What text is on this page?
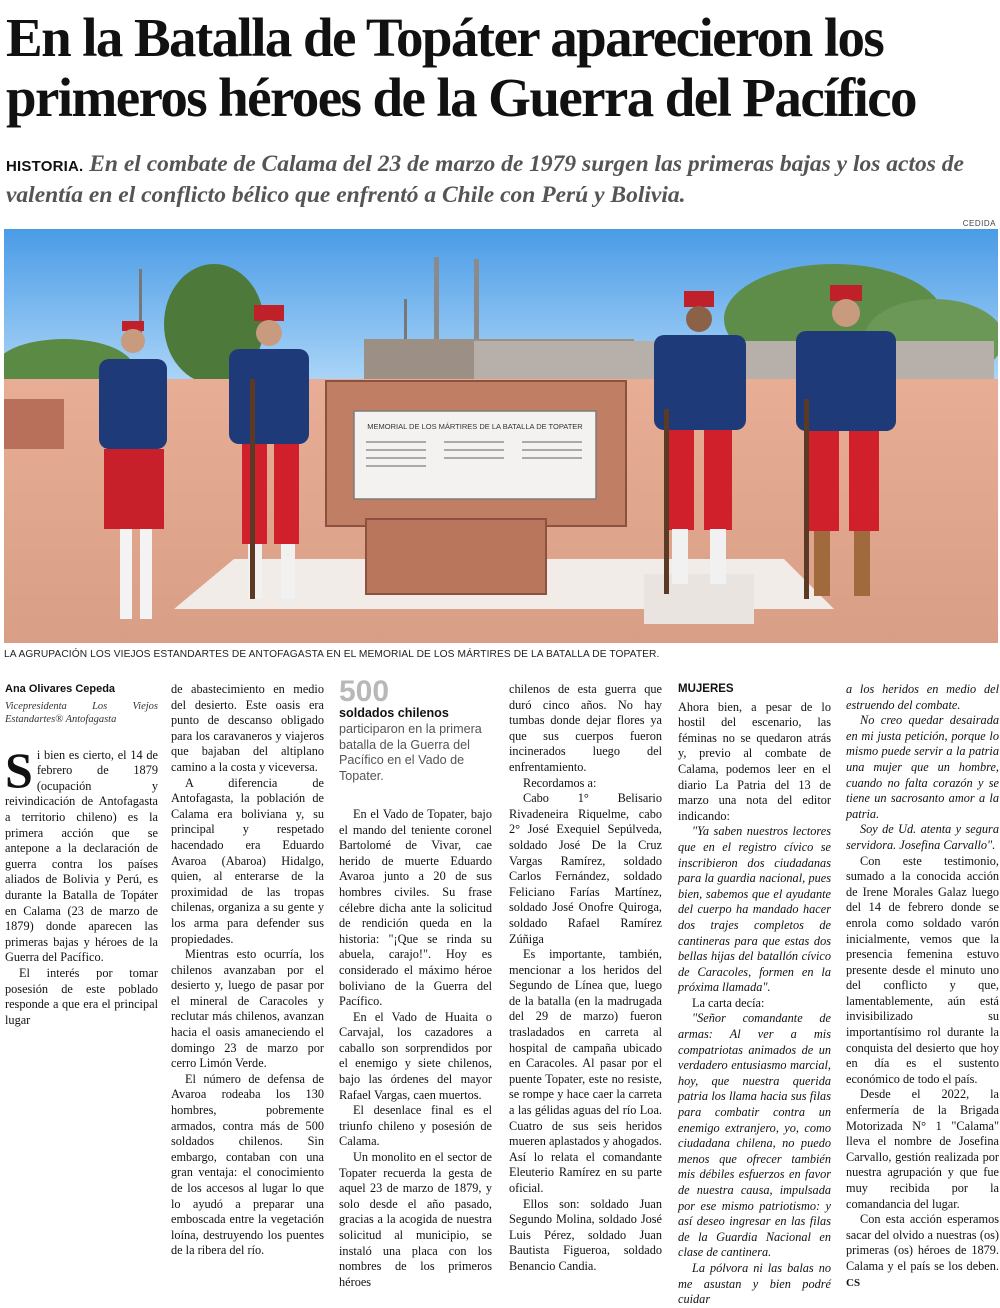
En la Batalla de Topáter aparecieron los primeros héroes de la Guerra del Pacífico
HISTORIA. En el combate de Calama del 23 de marzo de 1979 surgen las primeras bajas y los actos de valentía en el conflicto bélico que enfrentó a Chile con Perú y Bolivia.
CEDIDA
MEMORIAL DE LOS MÁRTIRES DE LA BATALLA DE TOPATER
LA AGRUPACIÓN LOS VIEJOS ESTANDARTES DE ANTOFAGASTA EN EL MEMORIAL DE LOS MÁRTIRES DE LA BATALLA DE TOPATER.
Ana Olivares Cepeda
Vicepresidenta Los Viejos Estandartes® Antofagasta

Si bien es cierto, el 14 de febrero de 1879 (ocupación y reivindicación de Antofagasta a territorio chileno) es la primera acción que se antepone a la declaración de guerra contra los países aliados de Bolivia y Perú, es durante la Batalla de Topáter en Calama (23 de marzo de 1879) donde aparecen las primeras bajas y héroes de la Guerra del Pacífico.

El interés por tomar posesión de este poblado responde a que era el principal lugar

de abastecimiento en medio del desierto. Este oasis era punto de descanso obligado para los caravaneros y viajeros que bajaban del altiplano camino a la costa y viceversa.

A diferencia de Antofagasta, la población de Calama era boliviana y, su principal y respetado hacendado era Eduardo Avaroa (Abaroa) Hidalgo, quien, al enterarse de la proximidad de las tropas chilenas, organiza a su gente y los arma para defender sus propiedades.

Mientras esto ocurría, los chilenos avanzaban por el desierto y, luego de pasar por el mineral de Caracoles y reclutar más chilenos, avanzan hacia el oasis amaneciendo el domingo 23 de marzo por cerro Limón Verde.

El número de defensa de Avaroa rodeaba los 130 hombres, pobremente armados, contra más de 500 soldados chilenos. Sin embargo, contaban con una gran ventaja: el conocimiento de los accesos al lugar lo que lo ayudó a preparar una emboscada entre la vegetación loína, destruyendo los puentes de la ribera del río.

500
soldados chilenos participaron en la primera batalla de la Guerra del Pacífico en el Vado de Topater.

En el Vado de Topater, bajo el mando del teniente coronel Bartolomé de Vivar, cae herido de muerte Eduardo Avaroa junto a 20 de sus hombres civiles. Su frase célebre dicha ante la solicitud de rendición queda en la historia: "¡Que se rinda su abuela, carajo!". Hoy es considerado el máximo héroe boliviano de la Guerra del Pacífico.

En el Vado de Huaita o Carvajal, los cazadores a caballo son sorprendidos por el enemigo y siete chilenos, bajo las órdenes del mayor Rafael Vargas, caen muertos.

El desenlace final es el triunfo chileno y posesión de Calama.

Un monolito en el sector de Topater recuerda la gesta de aquel 23 de marzo de 1879, y solo desde el año pasado, gracias a la acogida de nuestra solicitud al municipio, se instaló una placa con los nombres de los primeros héroes

chilenos de esta guerra que duró cinco años. No hay tumbas donde dejar flores ya que sus cuerpos fueron incinerados luego del enfrentamiento.

Recordamos a:

Cabo 1° Belisario Rivadeneira Riquelme, cabo 2° José Exequiel Sepúlveda, soldado José De la Cruz Vargas Ramírez, soldado Carlos Fernández, soldado Feliciano Farías Martínez, soldado José Onofre Quiroga, soldado Rafael Ramírez Zúñiga

Es importante, también, mencionar a los heridos del Segundo de Línea que, luego de la batalla (en la madrugada del 29 de marzo) fueron trasladados en carreta al hospital de campaña ubicado en Caracoles. Al pasar por el puente Topater, este no resiste, se rompe y hace caer la carreta a las gélidas aguas del río Loa. Cuatro de sus seis heridos mueren aplastados y ahogados. Así lo relata el comandante Eleuterio Ramírez en su parte oficial.

Ellos son: soldado Juan Segundo Molina, soldado José Luis Pérez, soldado Juan Bautista Figueroa, soldado Benancio Candia.

MUJERES

Ahora bien, a pesar de lo hostil del escenario, las féminas no se quedaron atrás y, previo al combate de Calama, podemos leer en el diario La Patria del 13 de marzo una nota del editor indicando:

"Ya saben nuestros lectores que en el registro cívico se inscribieron dos ciudadanas para la guardia nacional, pues bien, sabemos que el ayudante del cuerpo ha mandado hacer dos trajes completos de cantineras para que estas dos bellas hijas del batallón cívico de Caracoles, formen en la próxima llamada".

La carta decía:

"Señor comandante de armas: Al ver a mis compatriotas animados de un verdadero entusiasmo marcial, hoy, que nuestra querida patria los llama hacia sus filas para combatir contra un enemigo extranjero, yo, como ciudadana chilena, no puedo menos que ofrecer también mis débiles esfuerzos en favor de nuestra causa, impulsada por ese mismo patriotismo: y así deseo ingresar en las filas de la Guardia Nacional en clase de cantinera.

La pólvora ni las balas no me asustan y bien podré cuidar

a los heridos en medio del estruendo del combate.

No creo quedar desairada en mi justa petición, porque lo mismo puede servir a la patria una mujer que un hombre, cuando no falta corazón y se tiene un sacrosanto amor a la patria.

Soy de Ud. atenta y segura servidora. Josefina Carvallo".

Con este testimonio, sumado a la conocida acción de Irene Morales Galaz luego del 14 de febrero donde se enrola como soldado varón inicialmente, vemos que la presencia femenina estuvo presente desde el minuto uno del conflicto y que, lamentablemente, aún está invisibilizado su importantísimo rol durante la conquista del desierto que hoy en día es el sustento económico de todo el país.

Desde el 2022, la enfermería de la Brigada Motorizada N° 1 "Calama" lleva el nombre de Josefina Carvallo, gestión realizada por nuestra agrupación y que fue muy recibida por la comandancia del lugar.

Con esta acción esperamos sacar del olvido a nuestras (os) primeras (os) héroes de 1879. Calama y el país se los deben. CS
